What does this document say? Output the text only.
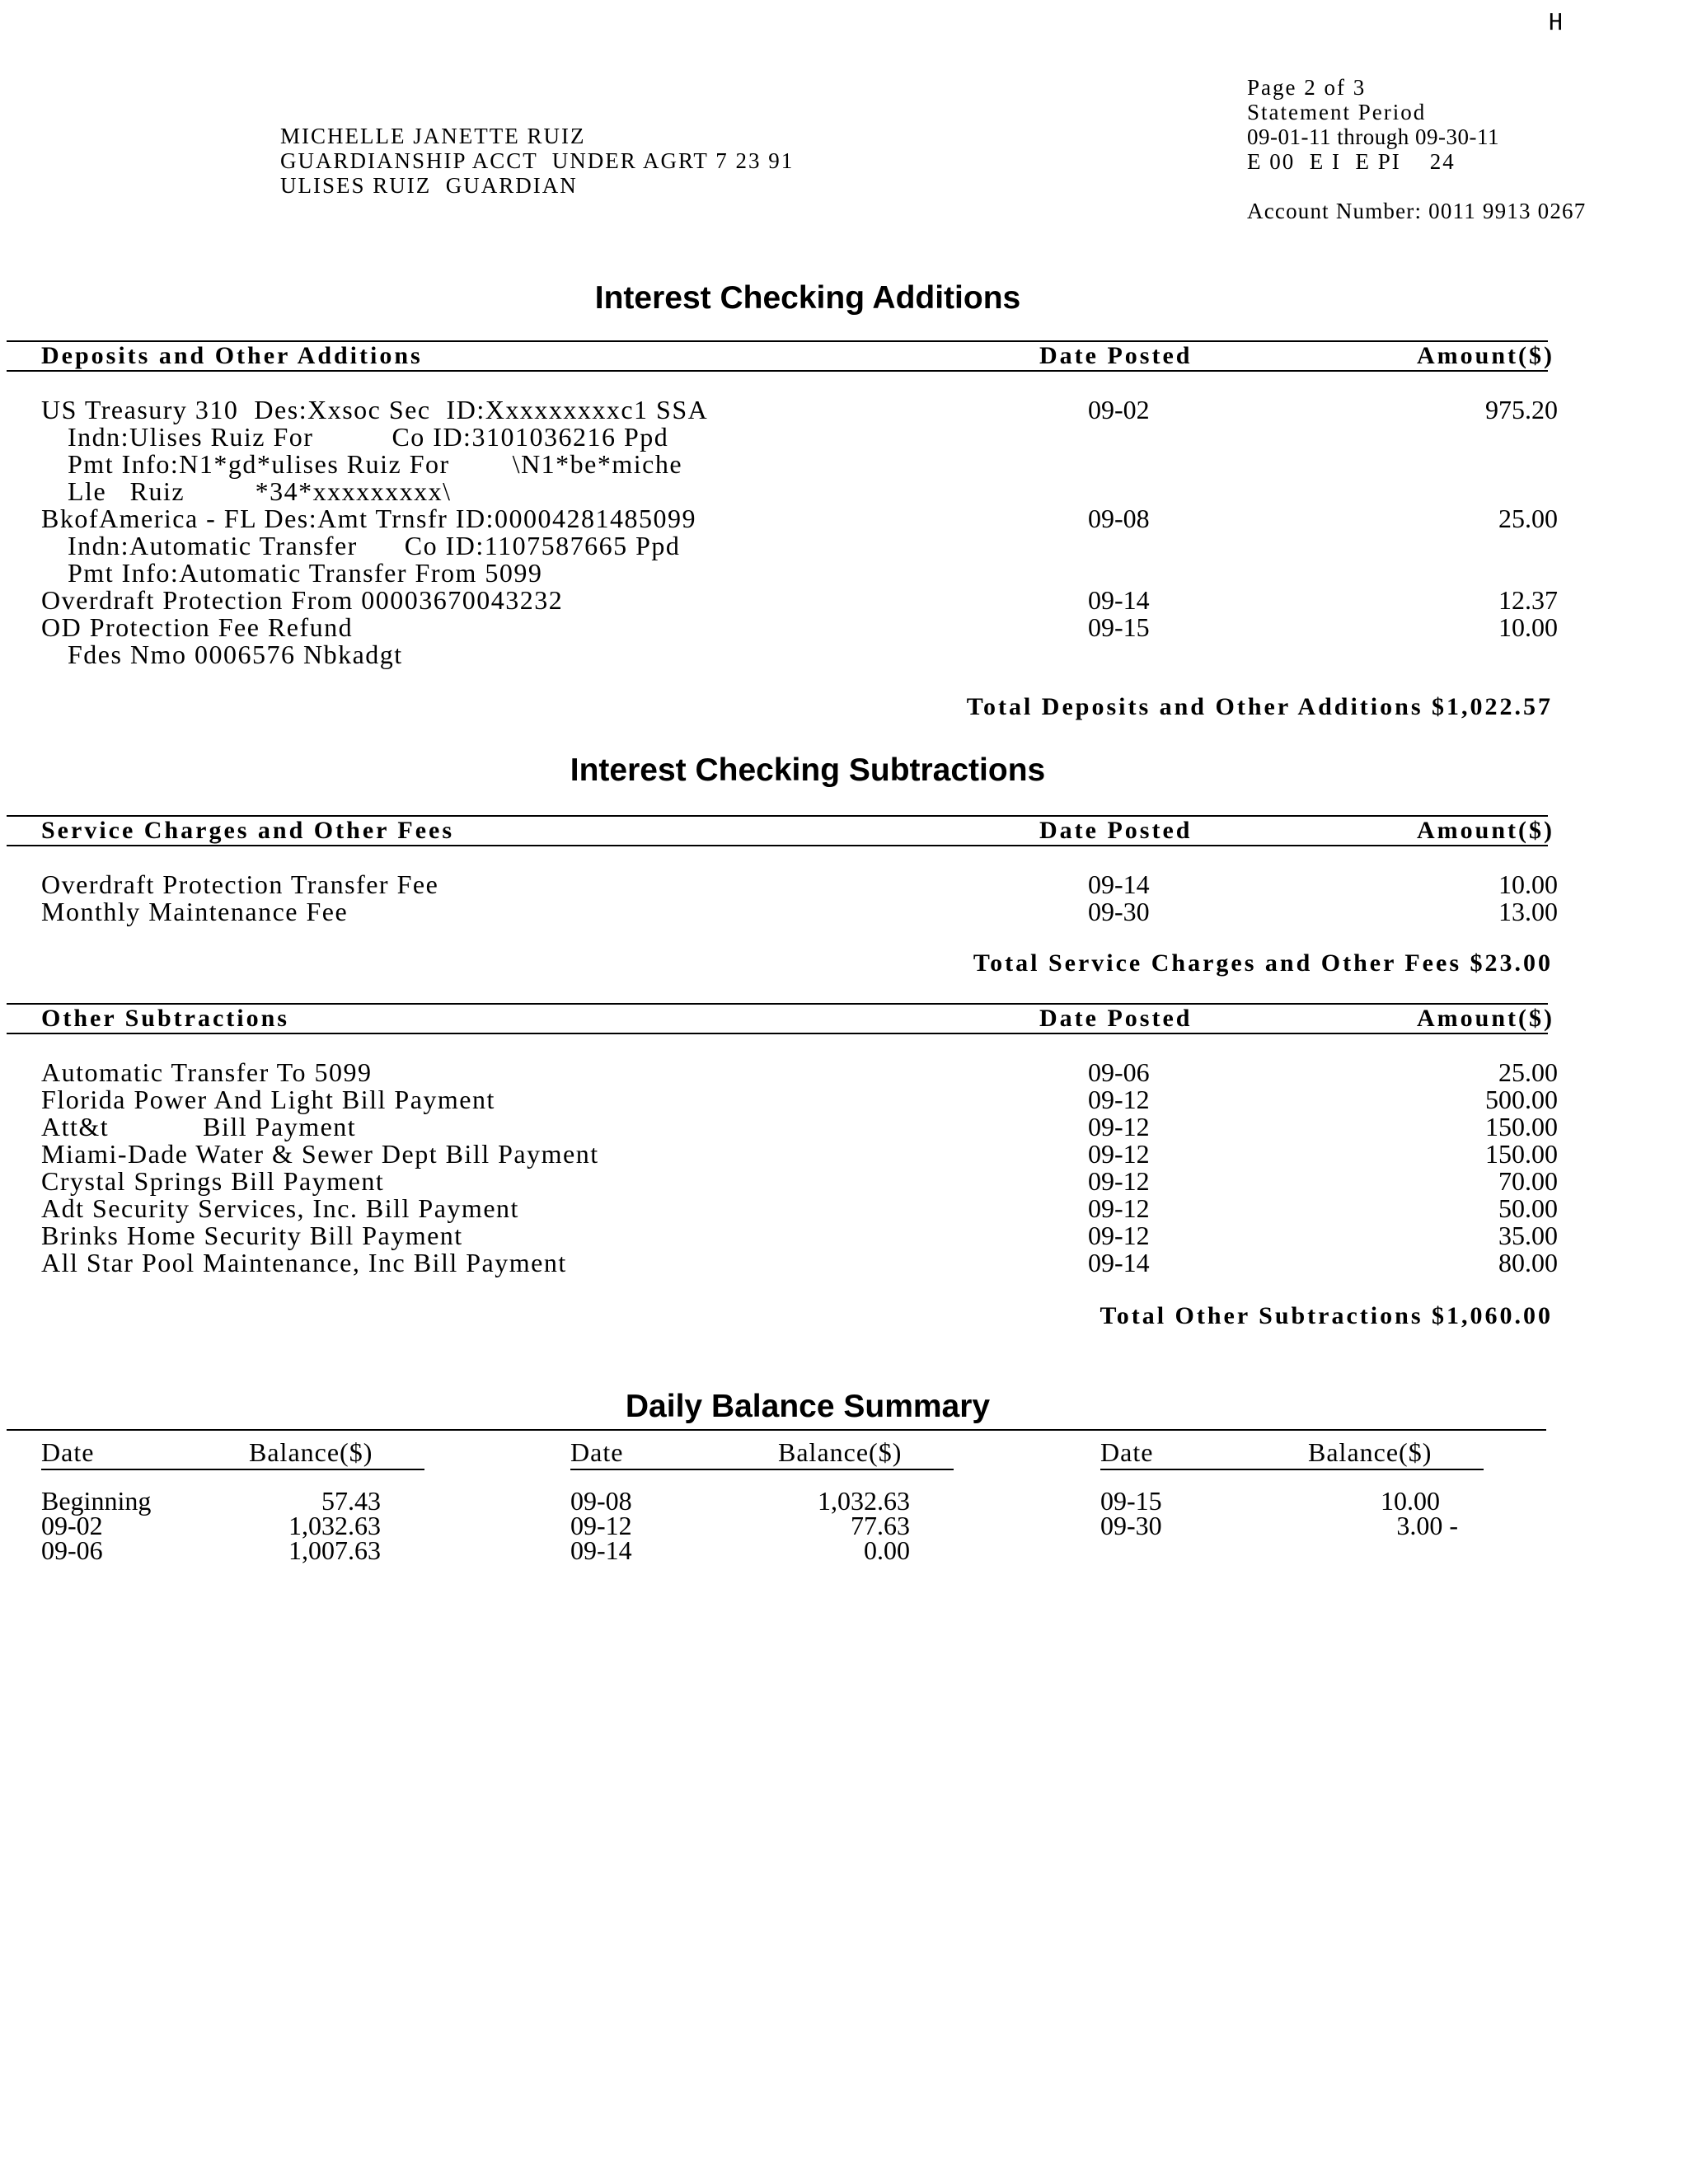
H
MICHELLE JANETTE RUIZ
GUARDIANSHIP ACCT  UNDER AGRT 7 23 91
ULISES RUIZ  GUARDIAN
Page 2 of 3
Statement Period
09-01-11 through 09-30-11
E 00  E I  E PI    24
Account Number: 0011 9913 0267
Interest Checking Additions
Deposits and Other Additions	Date Posted	Amount($)
US Treasury 310  Des:Xxsoc Sec  ID:Xxxxxxxxxc1 SSA	09-02	975.20
Indn:Ulises Ruiz For          Co ID:3101036216 Ppd
Pmt Info:N1*gd*ulises Ruiz For        \N1*be*miche
Lle   Ruiz         *34*xxxxxxxxx\
BkofAmerica - FL Des:Amt Trnsfr ID:00004281485099	09-08	25.00
Indn:Automatic Transfer      Co ID:1107587665 Ppd
Pmt Info:Automatic Transfer From 5099
Overdraft Protection From 00003670043232	09-14	12.37
OD Protection Fee Refund	09-15	10.00
Fdes Nmo 0006576 Nbkadgt
Total Deposits and Other Additions $1,022.57
Interest Checking Subtractions
Service Charges and Other Fees	Date Posted	Amount($)
Overdraft Protection Transfer Fee	09-14	10.00
Monthly Maintenance Fee	09-30	13.00
Total Service Charges and Other Fees $23.00
Other Subtractions	Date Posted	Amount($)
Automatic Transfer To 5099	09-06	25.00
Florida Power And Light Bill Payment	09-12	500.00
Att&t            Bill Payment	09-12	150.00
Miami-Dade Water & Sewer Dept Bill Payment	09-12	150.00
Crystal Springs Bill Payment	09-12	70.00
Adt Security Services, Inc. Bill Payment	09-12	50.00
Brinks Home Security Bill Payment	09-12	35.00
All Star Pool Maintenance, Inc Bill Payment	09-14	80.00
Total Other Subtractions $1,060.00
Daily Balance Summary
Date	Balance($)
Beginning	57.43
09-02	1,032.63
09-06	1,007.63
Date	Balance($)
09-08	1,032.63
09-12	77.63
09-14	0.00
Date	Balance($)
09-15	10.00
09-30	3.00 -
